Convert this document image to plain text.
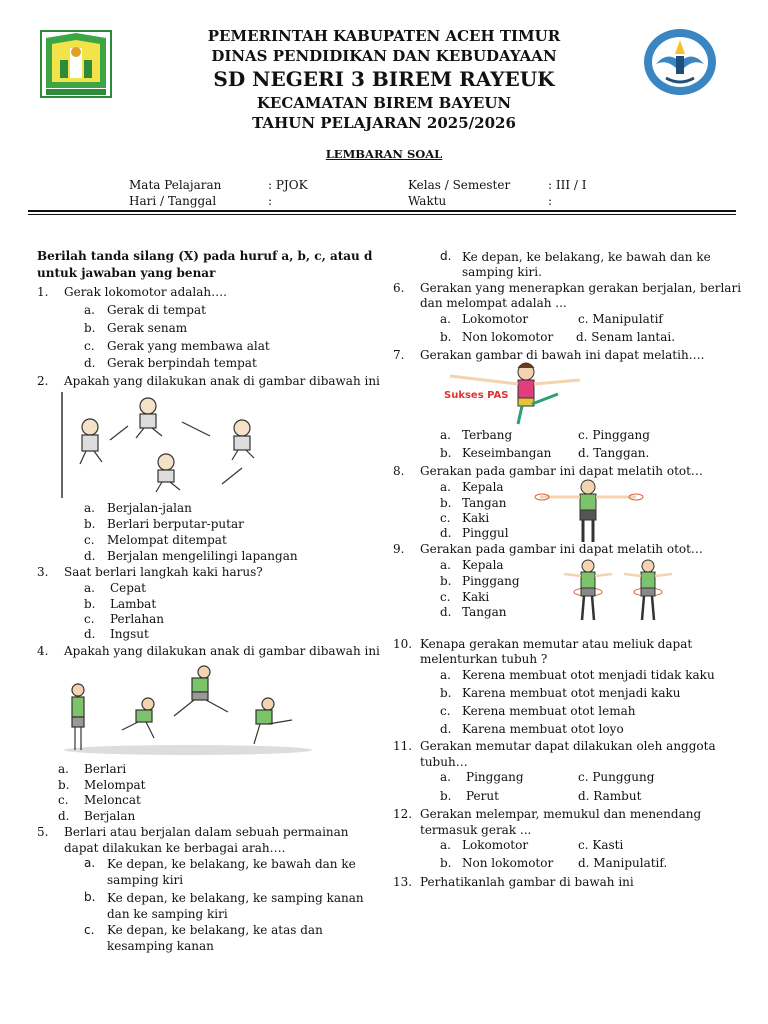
PEMERINTAH KABUPATEN ACEH TIMUR
DINAS PENDIDIKAN DAN KEBUDAYAAN
SD NEGERI 3 BIREM RAYEUK
KECAMATAN BIREM BAYEUN
TAHUN PELAJARAN 2025/2026
LEMBARAN SOAL
Mata Pelajaran	: PJOK	Kelas / Semester	: III / I
Hari / Tanggal	:	Waktu	:
Berilah tanda silang (X) pada huruf a, b, c, atau d
untuk jawaban yang benar
1. Gerak lokomotor adalah….
a. Gerak di tempat
b. Gerak senam
c. Gerak yang membawa alat
d. Gerak berpindah tempat
2. Apakah yang dilakukan anak di gambar dibawah ini
a. Berjalan-jalan
b. Berlari berputar-putar
c. Melompat ditempat
d. Berjalan mengelilingi lapangan
3. Saat berlari langkah kaki harus?
a. Cepat
b. Lambat
c. Perlahan
d. Ingsut
4. Apakah yang dilakukan anak di gambar dibawah ini
a. Berlari
b. Melompat
c. Meloncat
d. Berjalan
5. Berlari atau berjalan dalam sebuah permainan
dapat dilakukan ke berbagai arah….
a. Ke depan, ke belakang, ke bawah dan ke
samping kiri
b. Ke depan, ke belakang, ke samping kanan
dan ke samping kiri
c. Ke depan, ke belakang, ke atas dan
kesamping kanan
d. Ke depan, ke belakang, ke bawah dan ke
samping kiri.
6. Gerakan yang menerapkan gerakan berjalan, berlari
dan melompat adalah ...
a. Lokomotor	c. Manipulatif
b. Non lokomotor d. Senam lantai.
7. Gerakan gambar di bawah ini dapat melatih….
Sukses PAS
a. Terbang	c. Pinggang
b. Keseimbangan d. Tanggan.
8. Gerakan pada gambar ini dapat melatih otot…
a. Kepala
b. Tangan
c. Kaki
d. Pinggul
9. Gerakan pada gambar ini dapat melatih otot…
a. Kepala
b. Pinggang
c. Kaki
d. Tangan
10. Kenapa gerakan memutar atau meliuk dapat
melenturkan tubuh ?
a. Kerena membuat otot menjadi tidak kaku
b. Karena membuat otot menjadi kaku
c. Kerena membuat otot lemah
d. Karena membuat otot loyo
11. Gerakan memutar dapat dilakukan oleh anggota
tubuh…
a. Pinggang	c. Punggung
b. Perut	d. Rambut
12. Gerakan melempar, memukul dan menendang
termasuk gerak ...
a. Lokomotor	c. Kasti
b. Non lokomotor d. Manipulatif.
13. Perhatikanlah gambar di bawah ini
